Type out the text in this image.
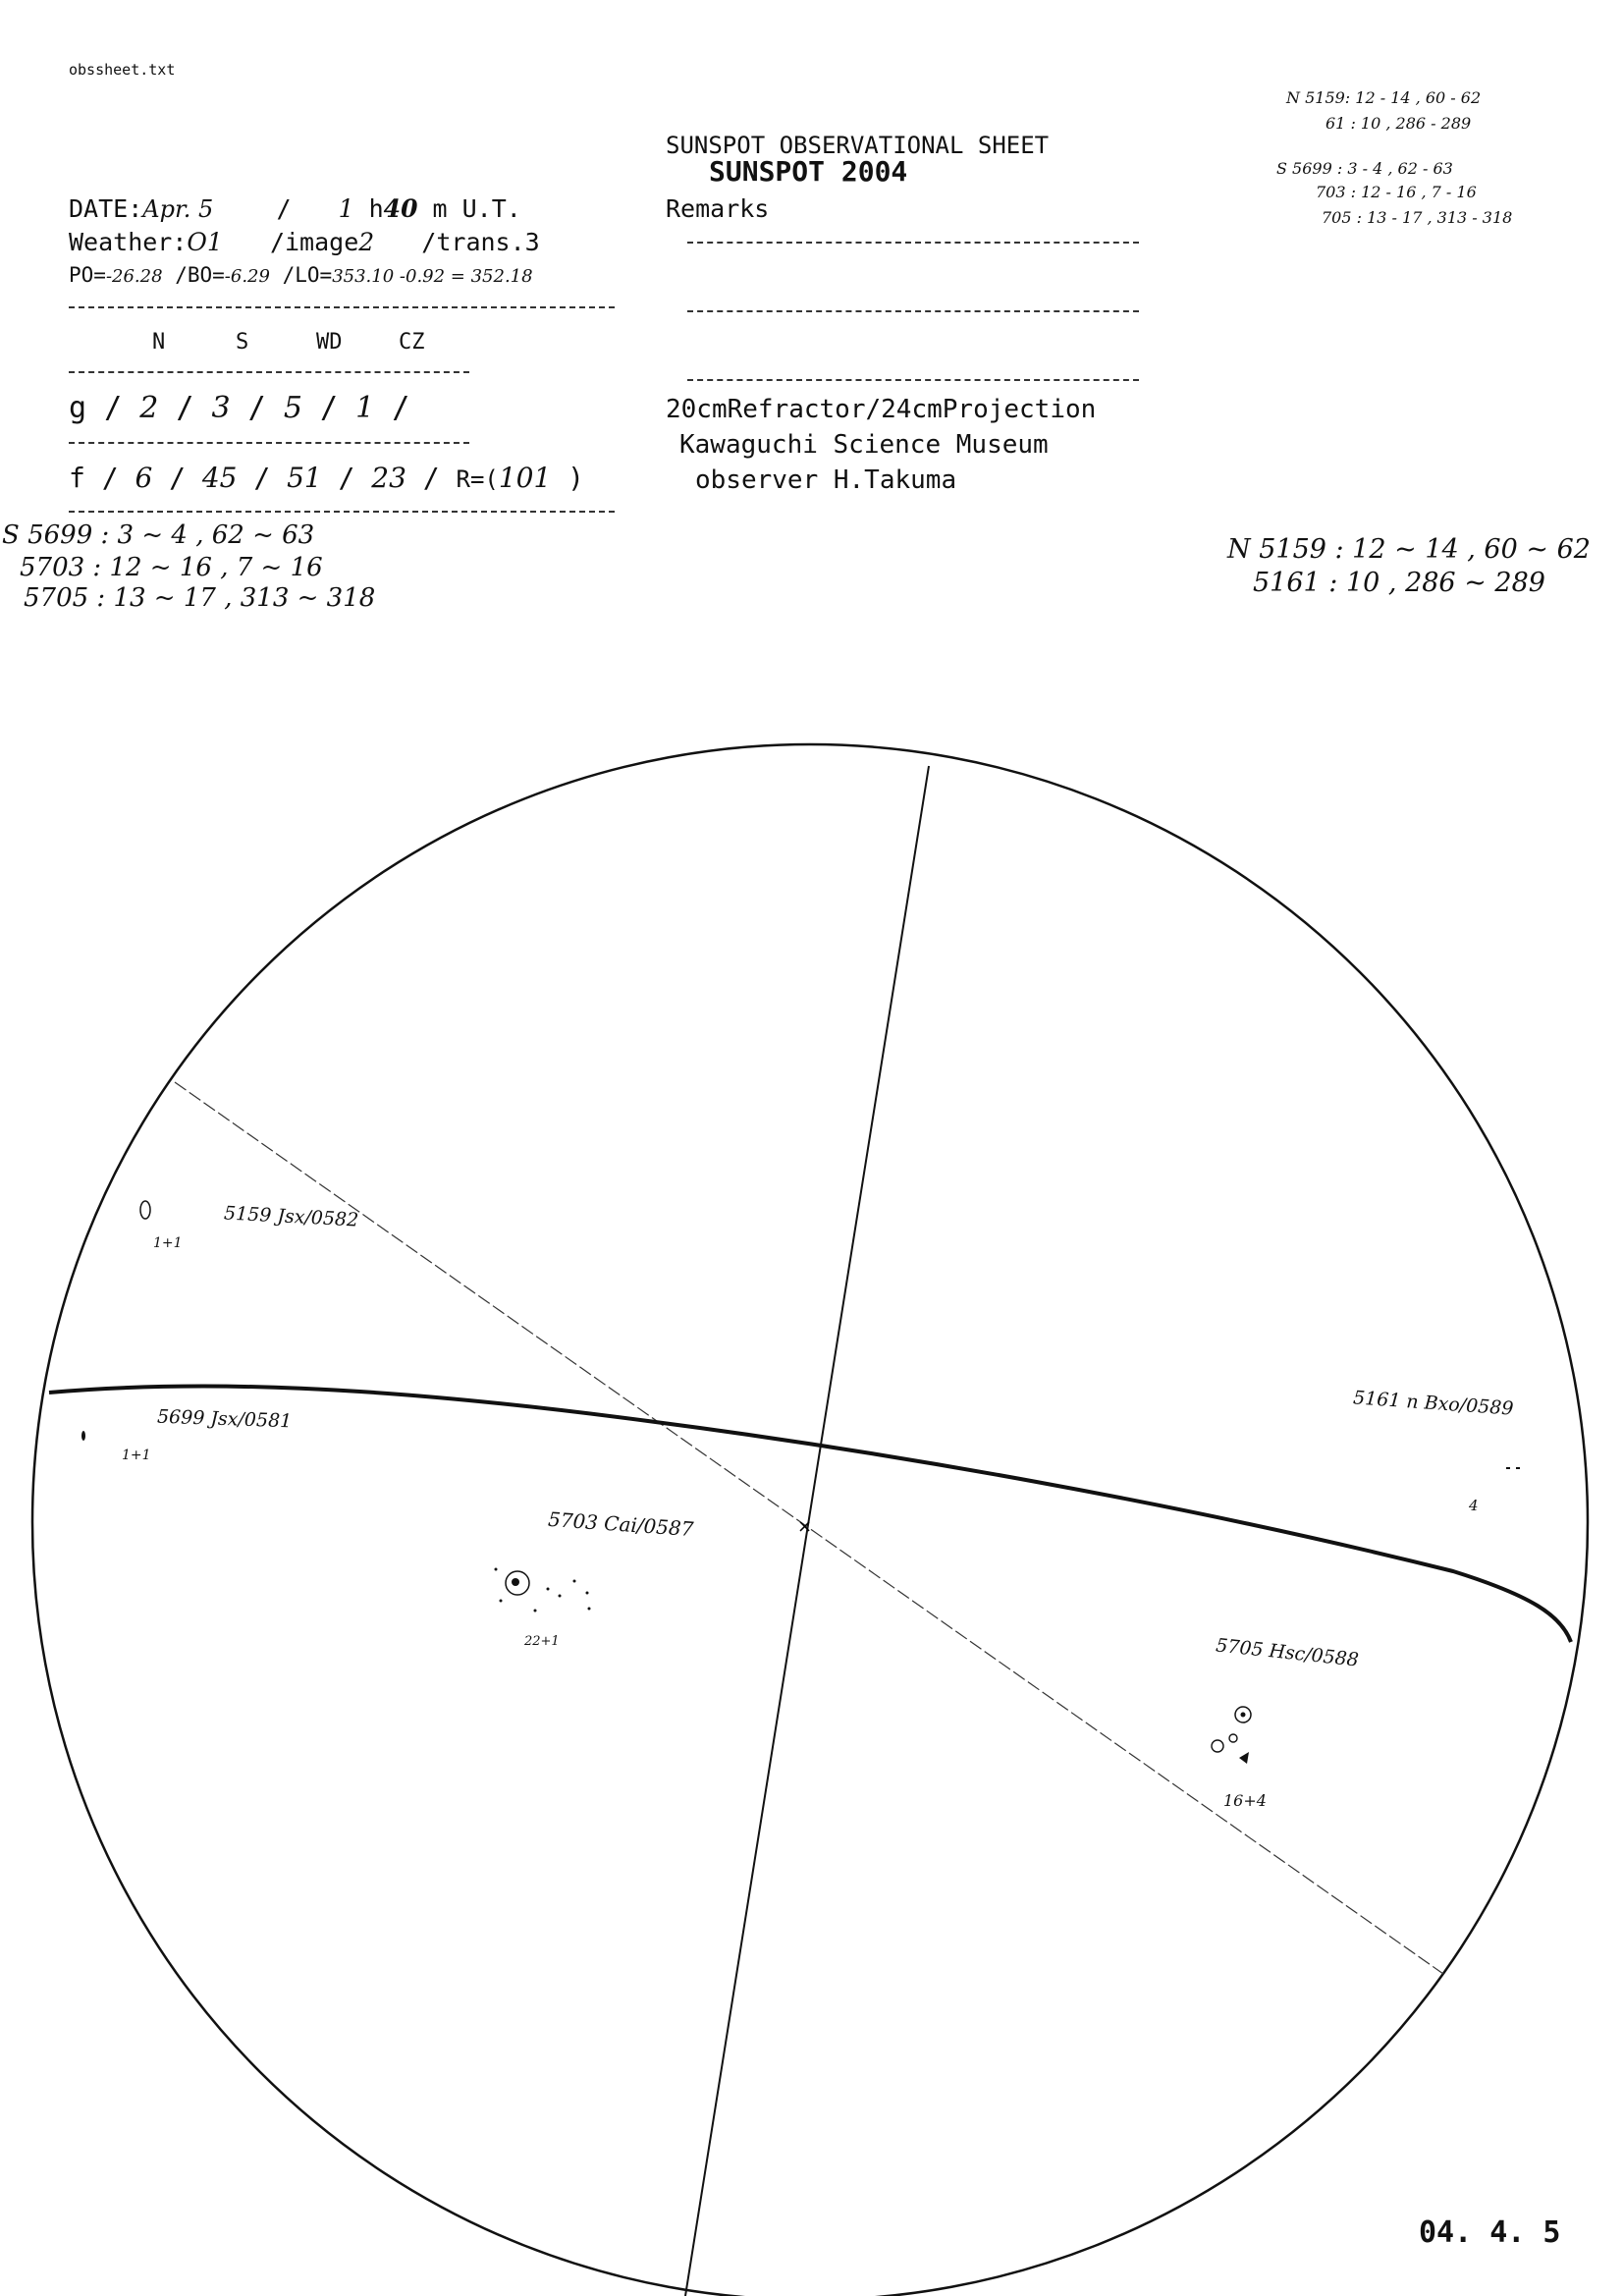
obssheet.txt
SUNSPOT OBSERVATIONAL SHEET
SUNSPOT 2004
DATE:Apr. 5	/ 1 h40 m U.T.
Weather:O1 /image2 /trans.3
PO=-26.28 /BO=-6.29 /LO=353.10 -0.92 = 352.18
N	S	WD	CZ
g / 2 / 3 / 5 / 1 /
f / 6 / 45 / 51 / 23 / R=(101 )
Remarks
20cmRefractor/24cmProjection
Kawaguchi Science Museum
observer H.Takuma
N 5159: 12 - 14 , 60 - 62
61 : 10 , 286 - 289
S 5699 : 3 - 4 , 62 - 63
703 : 12 - 16 , 7 - 16
705 : 13 - 17 , 313 - 318
S 5699 : 3 ~ 4 , 62 ~ 63
5703 : 12 ~ 16 , 7 ~ 16
5705 : 13 ~ 17 , 313 ~ 318
N 5159 : 12 ~ 14 , 60 ~ 62
5161 : 10 , 286 ~ 289
×
5159 Jsx/0582
1+1
5699 Jsx/0581
1+1
5703 Cai/0587
22+1
5161 n Bxo/0589
4
5705 Hsc/0588
16+4
04. 4. 5
